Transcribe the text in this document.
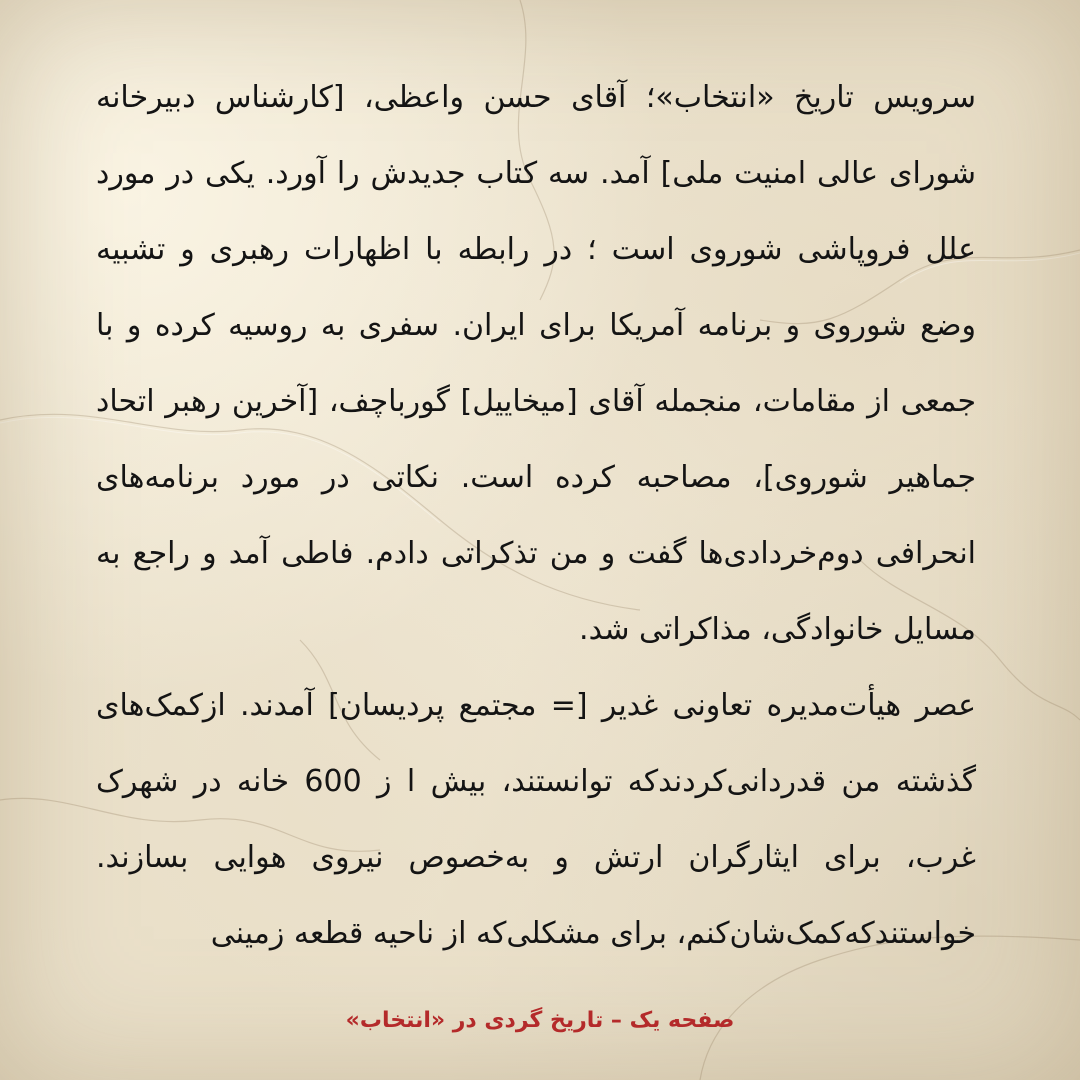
سرویس تاریخ «انتخاب»؛ آقای حسن واعظی، [کارشناس دبیرخانه شورای عالی امنیت ملی] آمد. سه کتاب جدیدش را آورد. یکی در مورد علل فروپاشی شوروی است ؛ در رابطه با اظهارات رهبری و تشبیه وضع شوروی و برنامه آمریکا برای ایران. سفری به روسیه کرده و با جمعی از مقامات، منجمله آقای [میخاییل] گورباچف، [آخرین رهبر اتحاد جماهیر شوروی]، مصاحبه کرده است. نکاتی در مورد برنامه‌های انحرافی دوم‌خردادی‌ها گفت و من تذکراتی دادم. فاطی آمد و راجع به مسایل خانوادگی، مذاکراتی شد.

عصر هیأت‌مدیره تعاونی غدیر [= مجتمع پردیسان] آمدند. ازکمک‌های گذشته من قدردانی‌کردندکه توانستند، بیش ا ز 600 خانه در شهرک غرب، برای ایثارگران ارتش و به‌خصوص نیروی هوایی بسازند. خواستندکه‌کمک‌شان‌کنم، برای مشکلی‌که از ناحیه قطعه زمینی

صفحه یک – تاریخ گردی در «انتخاب»
